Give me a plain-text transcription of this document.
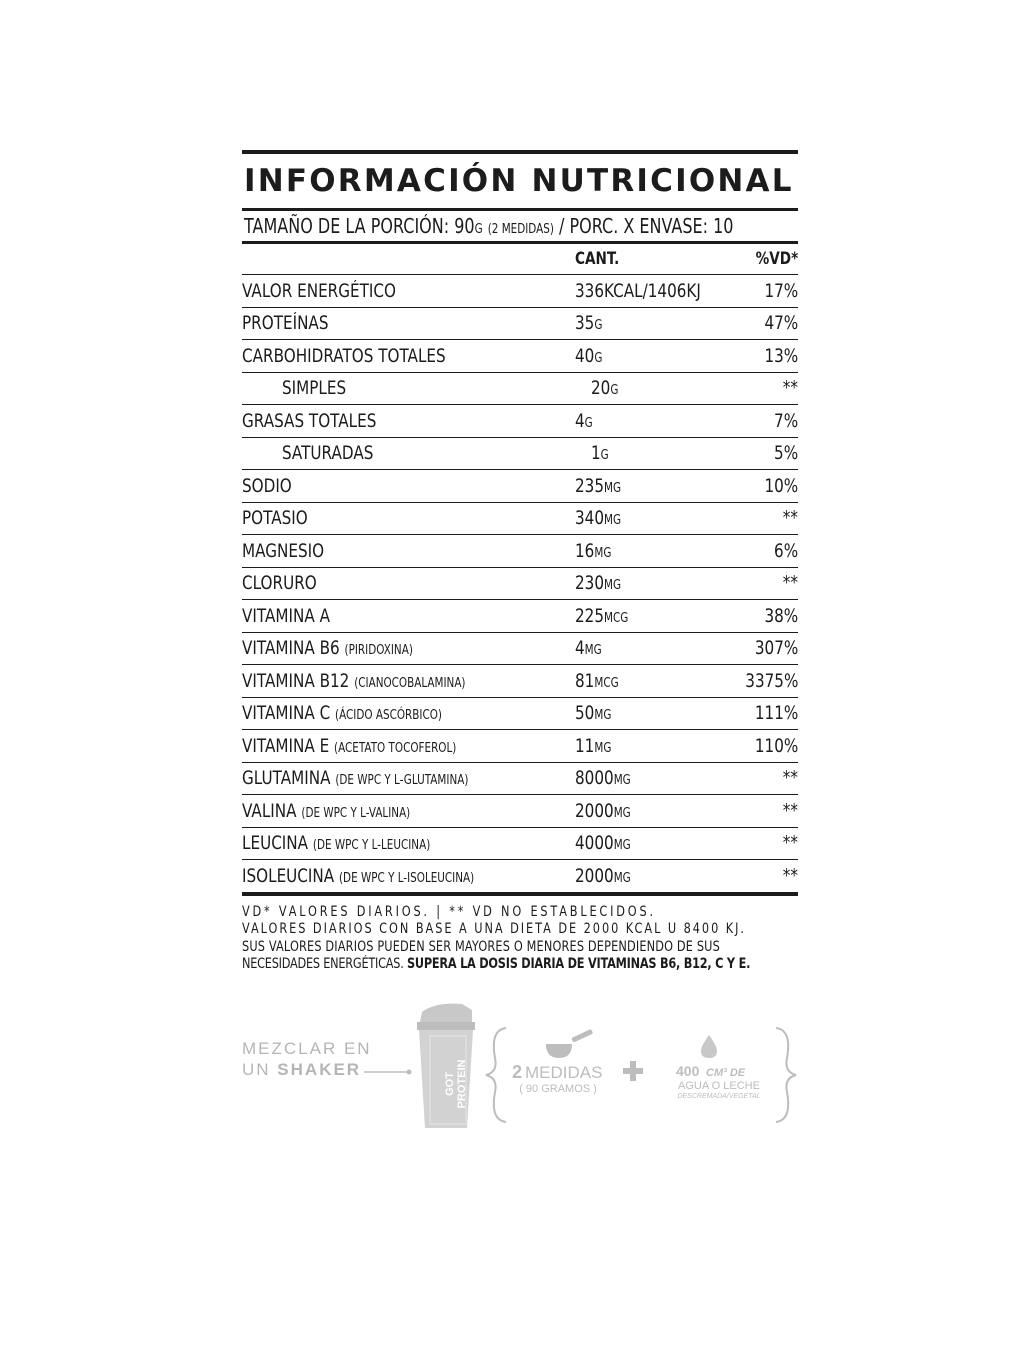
INFORMACIÓN NUTRICIONAL
TAMAÑO DE LA PORCIÓN: 90G (2 MEDIDAS) / PORC. X ENVASE: 10
CANT.	%VD*
VALOR ENERGÉTICO	336KCAL/1406KJ	17%
PROTEÍNAS	35G	47%
CARBOHIDRATOS TOTALES	40G	13%
SIMPLES	20G	**
GRASAS TOTALES	4G	7%
SATURADAS	1G	5%
SODIO	235MG	10%
POTASIO	340MG	**
MAGNESIO	16MG	6%
CLORURO	230MG	**
VITAMINA A	225MCG	38%
VITAMINA B6 (PIRIDOXINA)	4MG	307%
VITAMINA B12 (CIANOCOBALAMINA)	81MCG	3375%
VITAMINA C (ÁCIDO ASCÓRBICO)	50MG	111%
VITAMINA E (ACETATO TOCOFEROL)	11MG	110%
GLUTAMINA (DE WPC Y L-GLUTAMINA)	8000MG	**
VALINA (DE WPC Y L-VALINA)	2000MG	**
LEUCINA (DE WPC Y L-LEUCINA)	4000MG	**
ISOLEUCINA (DE WPC Y L-ISOLEUCINA)	2000MG	**
VD* VALORES DIARIOS. | ** VD NO ESTABLECIDOS.
VALORES DIARIOS CON BASE A UNA DIETA DE 2000 KCAL U 8400 KJ.
SUS VALORES DIARIOS PUEDEN SER MAYORES O MENORES DEPENDIENDO DE SUS
NECESIDADES ENERGÉTICAS. SUPERA LA DOSIS DIARIA DE VITAMINAS B6, B12, C Y E.
MEZCLAR EN
UN SHAKER
GOT PROTEIN 2 MEDIDAS
( 90 GRAMOS )
400 CM³ DE
AGUA O LECHE
DESCREMADA/VEGETAL
